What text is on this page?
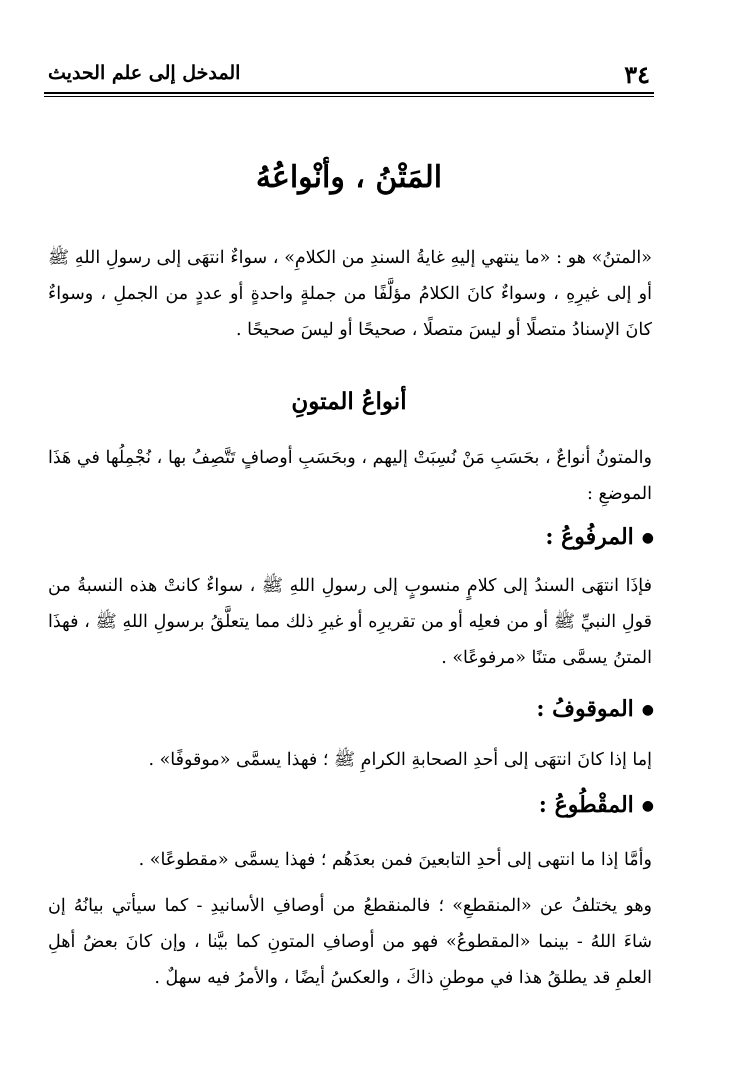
٣٤
المدخل إلى علم الحديث
المَتْنُ ، وأنْواعُهُ

«المتنُ» هو : «ما ينتهي إليهِ غايةُ السندِ من الكلامِ» ، سواءٌ انتهَى إلى رسولِ اللهِ ﷺ أو إلى غيرِهِ ، وسواءٌ كانَ الكلامُ مؤلَّفًا من جملةٍ واحدةٍ أو عددٍ من الجملِ ، وسواءٌ كانَ الإسنادُ متصلًا أو ليسَ متصلًا ، صحيحًا أو ليسَ صحيحًا .

أنواعُ المتونِ

والمتونُ أنواعٌ ، بحَسَبِ مَنْ نُسِبَتْ إليهم ، وبحَسَبِ أوصافٍ تَتَّصِفُ بها ، نُجْمِلُها في هَذَا الموضعِ :

●المرفُوعُ :

فإذَا انتهَى السندُ إلى كلامٍ منسوبٍ إلى رسولِ اللهِ ﷺ ، سواءٌ كانتْ هذه النسبةُ من قولِ النبيِّ ﷺ أو من فعلِه أو من تقريرِه أو غيرِ ذلك مما يتعلَّقُ برسولِ اللهِ ﷺ ، فهذَا المتنُ يسمَّى متنًا «مرفوعًا» .

●الموقوفُ :

إما إذا كانَ انتهَى إلى أحدِ الصحابةِ الكرامِ ﷺ ؛ فهذا يسمَّى «موقوفًا» .

●المقْطُوعُ :

وأمَّا إذا ما انتهى إلى أحدِ التابعينَ فمن بعدَهُم ؛ فهذا يسمَّى «مقطوعًا» .

وهو يختلفُ عن «المنقطعِ» ؛ فالمنقطعُ من أوصافِ الأسانيدِ - كما سيأتي بيانُهُ إن شاءَ اللهُ - بينما «المقطوعُ» فهو من أوصافِ المتونِ كما بيَّنا ، وإن كانَ بعضُ أهلِ العلمِ قد يطلقُ هذا في موطنِ ذاكَ ، والعكسُ أيضًا ، والأمرُ فيه سهلٌ .
